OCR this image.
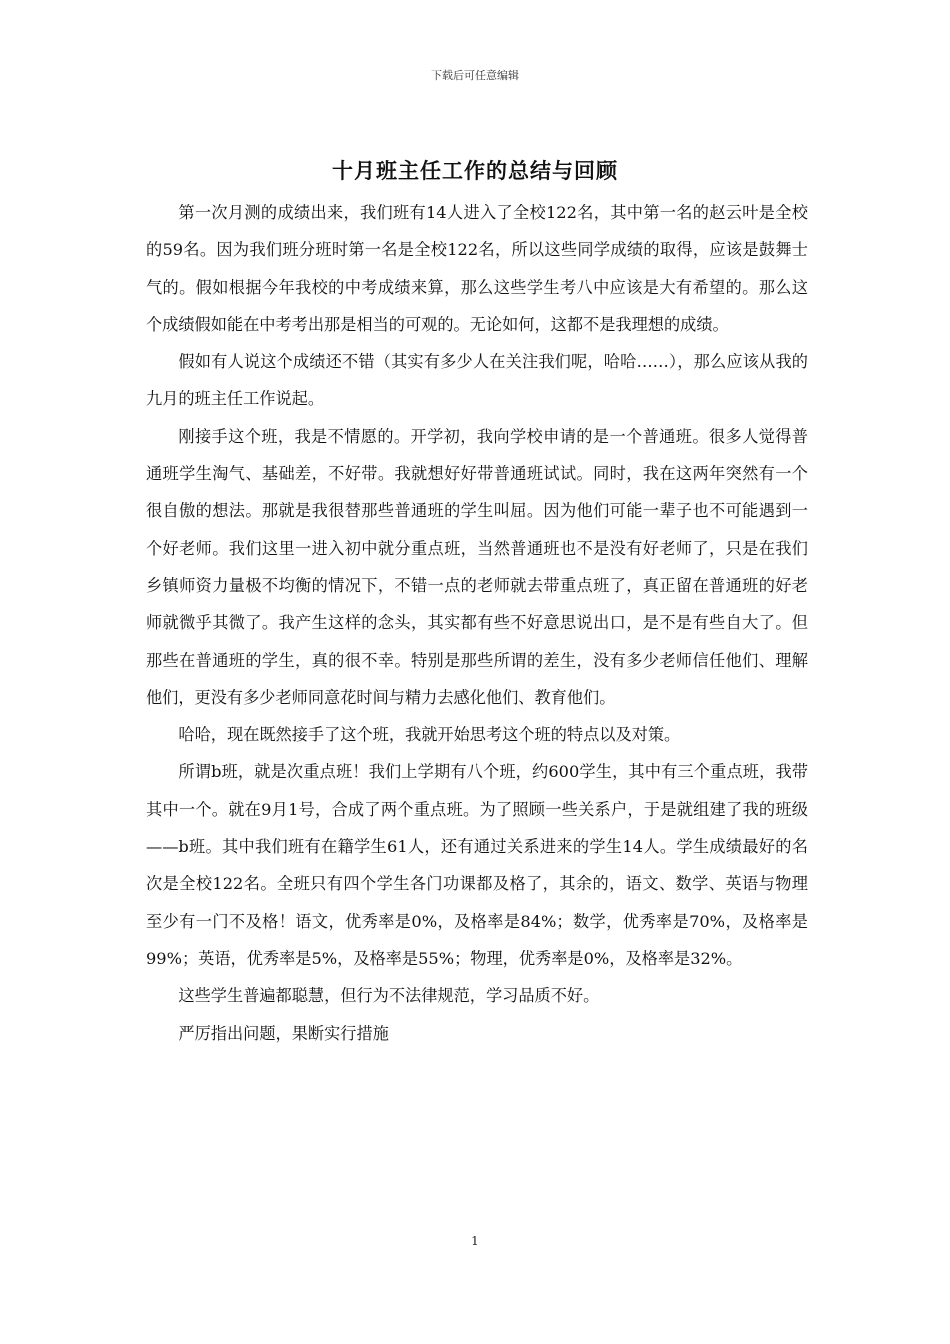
下载后可任意编辑
十月班主任工作的总结与回顾

第一次月测的成绩出来，我们班有14人进入了全校122名，其中第一名的赵云叶是全校的59名。因为我们班分班时第一名是全校122名，所以这些同学成绩的取得，应该是鼓舞士气的。假如根据今年我校的中考成绩来算，那么这些学生考八中应该是大有希望的。那么这个成绩假如能在中考考出那是相当的可观的。无论如何，这都不是我理想的成绩。

假如有人说这个成绩还不错（其实有多少人在关注我们呢，哈哈……），那么应该从我的九月的班主任工作说起。

刚接手这个班，我是不情愿的。开学初，我向学校申请的是一个普通班。很多人觉得普通班学生淘气、基础差，不好带。我就想好好带普通班试试。同时，我在这两年突然有一个很自傲的想法。那就是我很替那些普通班的学生叫屈。因为他们可能一辈子也不可能遇到一个好老师。我们这里一进入初中就分重点班，当然普通班也不是没有好老师了，只是在我们乡镇师资力量极不均衡的情况下，不错一点的老师就去带重点班了，真正留在普通班的好老师就微乎其微了。我产生这样的念头，其实都有些不好意思说出口，是不是有些自大了。但那些在普通班的学生，真的很不幸。特别是那些所谓的差生，没有多少老师信任他们、理解他们，更没有多少老师同意花时间与精力去感化他们、教育他们。

哈哈，现在既然接手了这个班，我就开始思考这个班的特点以及对策。

所谓b班，就是次重点班！我们上学期有八个班，约600学生，其中有三个重点班，我带其中一个。就在9月1号，合成了两个重点班。为了照顾一些关系户，于是就组建了我的班级——b班。其中我们班有在籍学生61人，还有通过关系进来的学生14人。学生成绩最好的名次是全校122名。全班只有四个学生各门功课都及格了，其余的，语文、数学、英语与物理至少有一门不及格！语文，优秀率是0%，及格率是84%；数学，优秀率是70%，及格率是99%；英语，优秀率是5%，及格率是55%；物理，优秀率是0%，及格率是32%。

这些学生普遍都聪慧，但行为不法律规范，学习品质不好。

严厉指出问题，果断实行措施

1
